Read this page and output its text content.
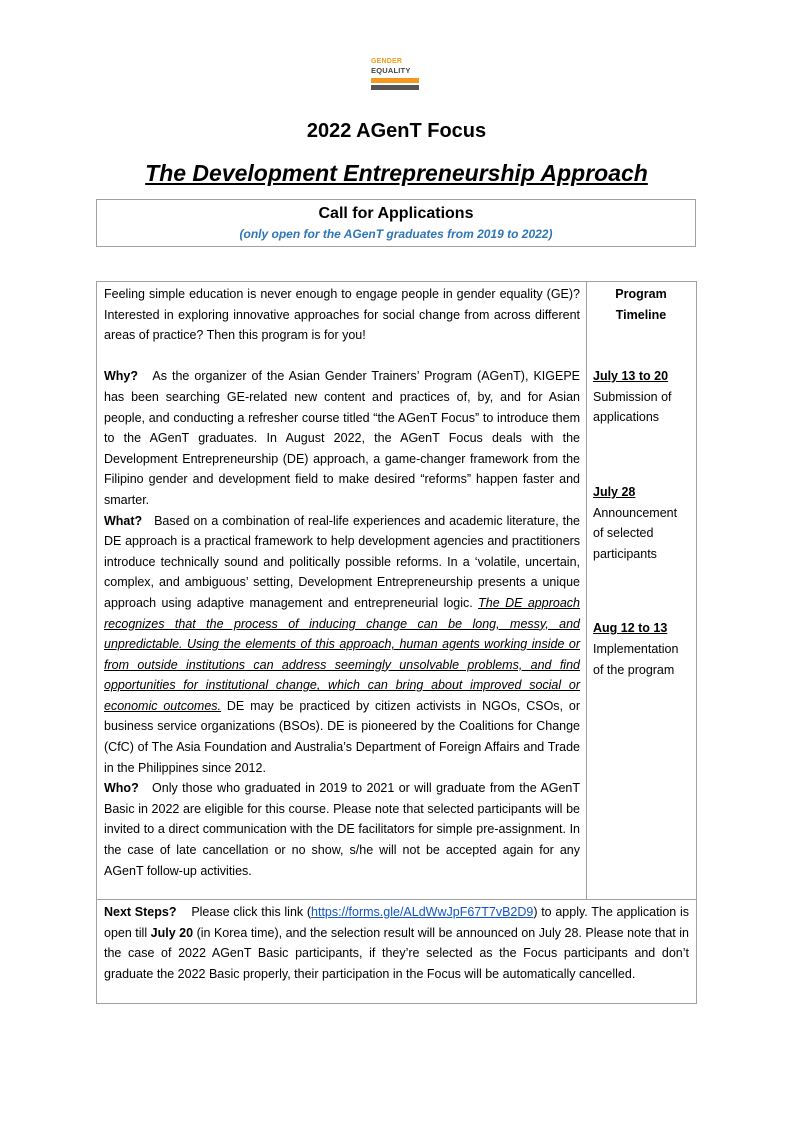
GENDER
EQUALITY
2022 AGenT Focus
The Development Entrepreneurship Approach
Call for Applications
(only open for the AGenT graduates from 2019 to 2022)

Feeling simple education is never enough to engage people in gender equality (GE)? Interested in exploring innovative approaches for social change from across different areas of practice? Then this program is for you!

Why? As the organizer of the Asian Gender Trainers’ Program (AGenT), KIGEPE has been searching GE-related new content and practices of, by, and for Asian people, and conducting a refresher course titled “the AGenT Focus” to introduce them to the AGenT graduates. In August 2022, the AGenT Focus deals with the Development Entrepreneurship (DE) approach, a game-changer framework from the Filipino gender and development field to make desired “reforms” happen faster and smarter.

What? Based on a combination of real-life experiences and academic literature, the DE approach is a practical framework to help development agencies and practitioners introduce technically sound and politically possible reforms. In a ‘volatile, uncertain, complex, and ambiguous’ setting, Development Entrepreneurship presents a unique approach using adaptive management and entrepreneurial logic. The DE approach recognizes that the process of inducing change can be long, messy, and unpredictable. Using the elements of this approach, human agents working inside or from outside institutions can address seemingly unsolvable problems, and find opportunities for institutional change, which can bring about improved social or economic outcomes. DE may be practiced by citizen activists in NGOs, CSOs, or business service organizations (BSOs). DE is pioneered by the Coalitions for Change (CfC) of The Asia Foundation and Australia’s Department of Foreign Affairs and Trade in the Philippines since 2012.

Who? Only those who graduated in 2019 to 2021 or will graduate from the AGenT Basic in 2022 are eligible for this course. Please note that selected participants will be invited to a direct communication with the DE facilitators for simple pre-assignment. In the case of late cancellation or no show, s/he will not be accepted again for any AGenT follow-up activities.

Program
Timeline
July 13 to 20
Submission of
applications
July 28
Announcement
of selected
participants
Aug 12 to 13
Implementation
of the program

Next Steps? Please click this link (https://forms.gle/ALdWwJpF67T7vB2D9) to apply. The application is open till July 20 (in Korea time), and the selection result will be announced on July 28. Please note that in the case of 2022 AGenT Basic participants, if they’re selected as the Focus participants and don’t graduate the 2022 Basic properly, their participation in the Focus will be automatically cancelled.
